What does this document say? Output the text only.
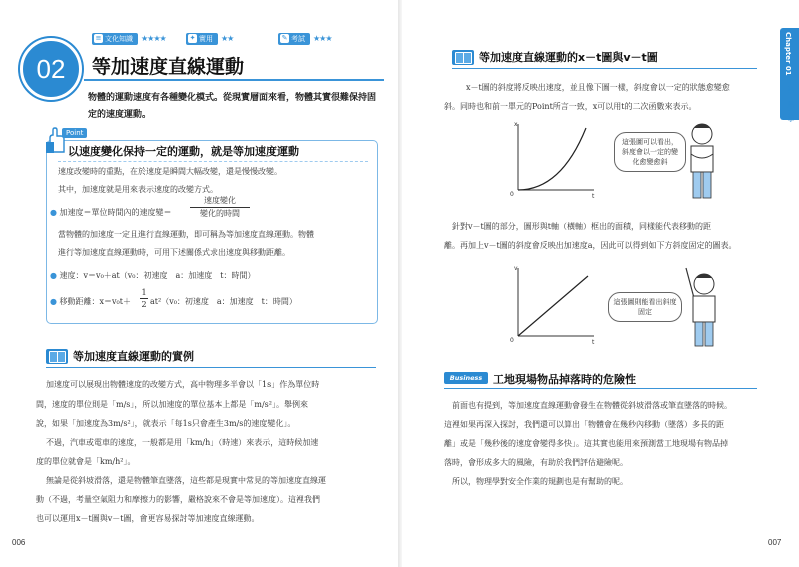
≡ 文化知識	★★★★	✦ 實用	★★	✎ 考試	★★★
02	等加速度直線運動
物體的運動速度有各種變化模式。從現實層面來看，物體其實很難保持固定的速度運動。
Point
以速度變化保持一定的運動，就是等加速度運動
速度改變時的重點，在於速度是瞬間大幅改變，還是慢慢改變。
其中，加速度就是用來表示速度的改變方式。
● 加速度＝單位時間內的速度變＝
速度變化
變化的時間
當物體的加速度一定且進行直線運動，即可稱為等加速度直線運動。物體
進行等加速度直線運動時，可用下述關係式求出速度與移動距離。
● 速度：v＝v₀＋at（v₀：初速度　a：加速度　t：時間）
● 移動距離：x＝v₀t＋
1
2 at²（v₀：初速度　a：加速度　t：時間）
等加速度直線運動的實例
加速度可以展現出物體速度的改變方式，高中物理多半會以「1s」作為單位時
間，速度的單位則是「m/s」，所以加速度的單位基本上都是「m/s²」。舉例來
說，如果「加速度為3m/s²」，就表示「每1s只會產生3m/s的速度變化」。
不過，汽車或電車的速度，一般都是用「km/h」（時速）來表示，這時候加速
度的單位就會是「km/h²」。
無論是從斜坡滑落，還是物體筆直墜落，這些都是現實中常見的等加速度直線運
動（不過，考量空氣阻力和摩擦力的影響，嚴格說來不會是等加速度）。這裡我們
也可以運用x－t圖與v－t圖，會更容易探討等加速度直線運動。
006
等加速度直線運動的x－t圖與v－t圖
x－t圖的斜度將反映出速度，並且像下圖一樣，斜度會以一定的狀態愈變愈
斜。同時也和前一單元的Point所言一致，x可以用t的二次函數來表示。
x
t
0
這張圖可以看出，斜度會以一定的變化愈變愈斜
針對v－t圖的部分，圖形與t軸（橫軸）框出的面積，同樣能代表移動的距
離。再加上v－t圖的斜度會反映出加速度a，因此可以得到如下方斜度固定的圖表。
v
t
0
這張圖則能看出斜度固定
Business 工地現場物品掉落時的危險性
前面也有提到，等加速度直線運動會發生在物體從斜坡滑落或筆直墜落的時候。
這裡如果再深入探討，我們還可以算出「物體會在幾秒內移動（墜落）多長的距
離」或是「幾秒後的速度會變得多快」。這其實也能用來預測當工地現場有物品掉
落時，會形成多大的風險，有助於我們評估避險呢。
所以，物理學對安全作業的規劃也是有幫助的呢。
Chapter 01
力學・熱力學
007
